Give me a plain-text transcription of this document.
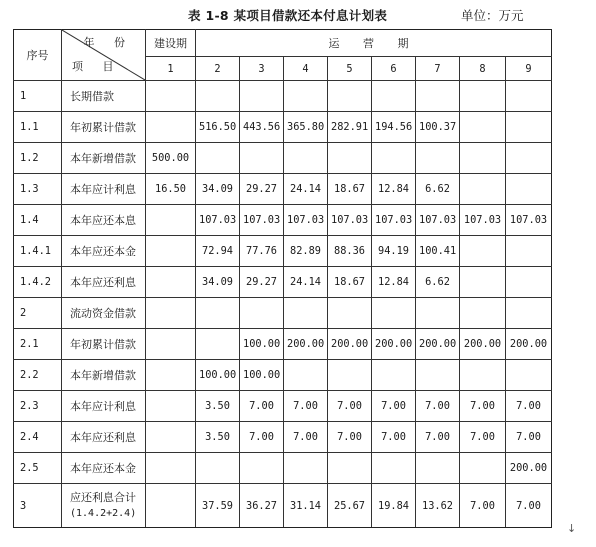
表 1-8 某项目借款还本付息计划表	单位：万元
序号	年 份
项 目	建设期	运 营 期							
		1	2	3	4	5	6	7	8	9
1	长期借款									
1.1	年初累计借款		516.50	443.56	365.80	282.91	194.56	100.37		
1.2	本年新增借款	500.00								
1.3	本年应计利息	16.50	34.09	29.27	24.14	18.67	12.84	6.62		
1.4	本年应还本息		107.03	107.03	107.03	107.03	107.03	107.03	107.03	107.03
1.4.1	本年应还本金		72.94	77.76	82.89	88.36	94.19	100.41		
1.4.2	本年应还利息		34.09	29.27	24.14	18.67	12.84	6.62		
2	流动资金借款									
2.1	年初累计借款			100.00	200.00	200.00	200.00	200.00	200.00	200.00
2.2	本年新增借款		100.00	100.00						
2.3	本年应计利息		3.50	7.00	7.00	7.00	7.00	7.00	7.00	7.00
2.4	本年应还利息		3.50	7.00	7.00	7.00	7.00	7.00	7.00	7.00
2.5	本年应还本金									200.00
3	应还利息合计
(1.4.2+2.4)		37.59	36.27	31.14	25.67	19.84	13.62	7.00	7.00
↓
